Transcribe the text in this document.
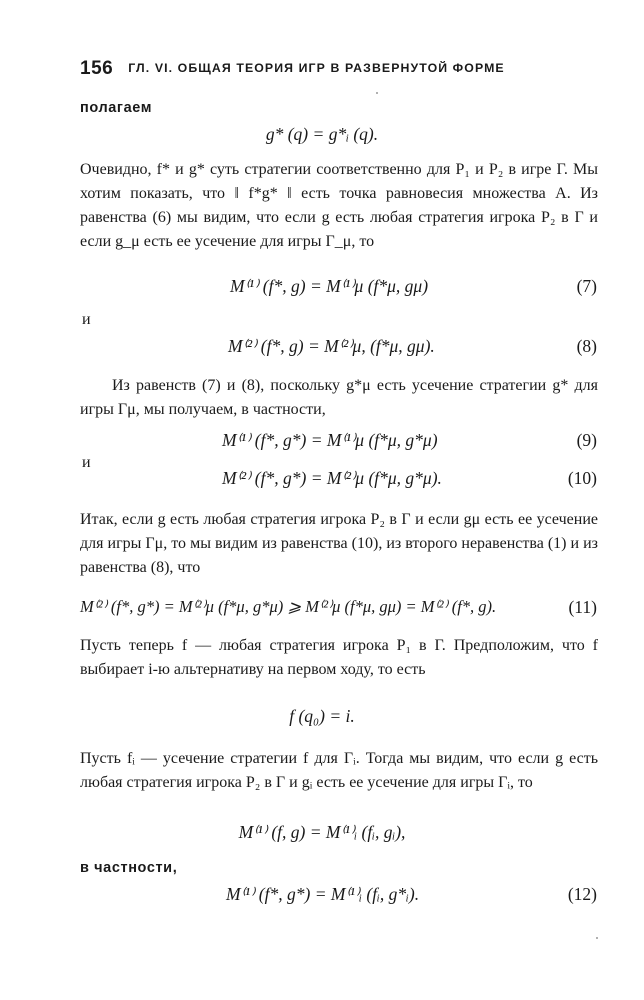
156 ГЛ. VI. ОБЩАЯ ТЕОРИЯ ИГР В РАЗВЕРНУТОЙ ФОРМЕ
полагаем
g* (q) = g*ᵢ (q).
Очевидно, f* и g* суть стратегии соответственно для P₁ и P₂ в игре Γ. Мы хотим показать, что ‖ f*g* ‖ есть точка равновесия множества A. Из равенства (6) мы видим, что если g есть любая стратегия игрока P₂ в Γ и если g_μ есть ее усечение для игры Γ_μ, то
M⁽¹⁾ (f*, g) = M⁽¹⁾μ (f*μ, gμ)	(7)
и
M⁽²⁾ (f*, g) = M⁽²⁾μ, (f*μ, gμ).	(8)
Из равенств (7) и (8), поскольку g*μ есть усечение стратегии g* для игры Γμ, мы получаем, в частности,
M⁽¹⁾ (f*, g*) = M⁽¹⁾μ (f*μ, g*μ)	(9)
и
M⁽²⁾ (f*, g*) = M⁽²⁾μ (f*μ, g*μ).	(10)
Итак, если g есть любая стратегия игрока P₂ в Γ и если gμ есть ее усечение для игры Γμ, то мы видим из равенства (10), из второго неравенства (1) и из равенства (8), что
M⁽²⁾ (f*, g*) = M⁽²⁾μ (f*μ, g*μ) ⩾ M⁽²⁾μ (f*μ, gμ) = M⁽²⁾ (f*, g).	(11)
Пусть теперь f — любая стратегия игрока P₁ в Γ. Предположим, что f выбирает i-ю альтернативу на первом ходу, то есть
f (q₀) = i.
Пусть fᵢ — усечение стратегии f для Γᵢ. Тогда мы видим, что если g есть любая стратегия игрока P₂ в Γ и gᵢ есть ее усечение для игры Γᵢ, то
M⁽¹⁾ (f, g) = M⁽¹⁾ᵢ (fᵢ, gᵢ),
в частности,
M⁽¹⁾ (f*, g*) = M⁽¹⁾ᵢ (fᵢ, g*ᵢ).	(12)
